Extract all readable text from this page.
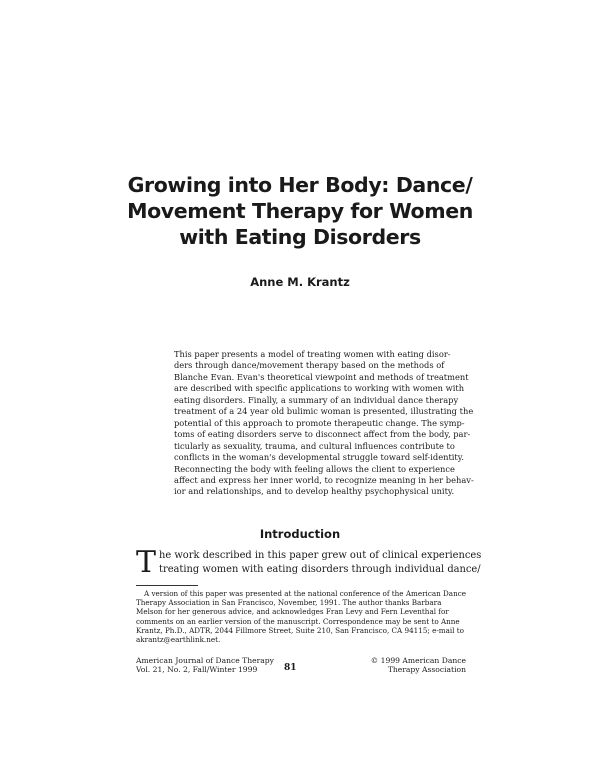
Growing into Her Body: Dance/
Movement Therapy for Women
with Eating Disorders
Anne M. Krantz

This paper presents a model of treating women with eating disor-
ders through dance/movement therapy based on the methods of
Blanche Evan. Evan's theoretical viewpoint and methods of treatment
are described with specific applications to working with women with
eating disorders. Finally, a summary of an individual dance therapy
treatment of a 24 year old bulimic woman is presented, illustrating the
potential of this approach to promote therapeutic change. The symp-
toms of eating disorders serve to disconnect affect from the body, par-
ticularly as sexuality, trauma, and cultural influences contribute to
conflicts in the woman's developmental struggle toward self-identity.
Reconnecting the body with feeling allows the client to experience
affect and express her inner world, to recognize meaning in her behav-
ior and relationships, and to develop healthy psychophysical unity.

Introduction
T he work described in this paper grew out of clinical experiences
treating women with eating disorders through individual dance/
A version of this paper was presented at the national conference of the American Dance
Therapy Association in San Francisco, November, 1991. The author thanks Barbara
Melson for her generous advice, and acknowledges Fran Levy and Fern Leventhal for
comments on an earlier version of the manuscript. Correspondence may be sent to Anne
Krantz, Ph.D., ADTR, 2044 Fillmore Street, Suite 210, San Francisco, CA 94115; e-mail to
akrantz@earthlink.net.
American Journal of Dance Therapy
Vol. 21, No. 2, Fall/Winter 1999	81
© 1999 American Dance
Therapy Association
